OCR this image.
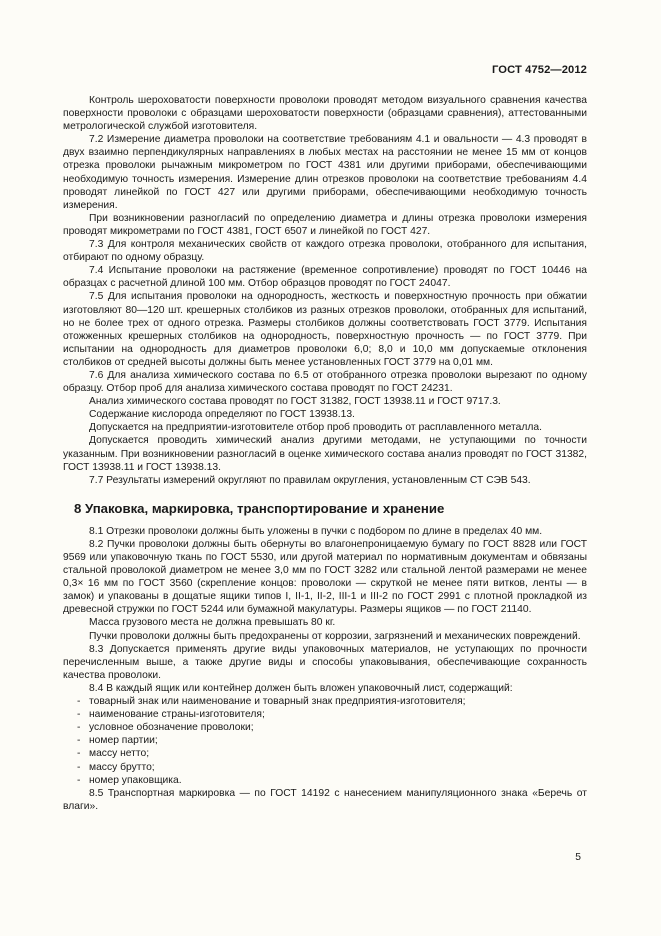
ГОСТ 4752—2012

Контроль шероховатости поверхности проволоки проводят методом визуального сравнения качества поверхности проволоки с образцами шероховатости поверхности (образцами сравнения), аттестованными метрологической службой изготовителя.

7.2 Измерение диаметра проволоки на соответствие требованиям 4.1 и овальности — 4.3 проводят в двух взаимно перпендикулярных направлениях в любых местах на расстоянии не менее 15 мм от концов отрезка проволоки рычажным микрометром по ГОСТ 4381 или другими приборами, обеспечивающими необходимую точность измерения. Измерение длин отрезков проволоки на соответствие требованиям 4.4 проводят линейкой по ГОСТ 427 или другими приборами, обеспечивающими необходимую точность измерения.

При возникновении разногласий по определению диаметра и длины отрезка проволоки измерения проводят микрометрами по ГОСТ 4381, ГОСТ 6507 и линейкой по ГОСТ 427.

7.3 Для контроля механических свойств от каждого отрезка проволоки, отобранного для испытания, отбирают по одному образцу.

7.4 Испытание проволоки на растяжение (временное сопротивление) проводят по ГОСТ 10446 на образцах с расчетной длиной 100 мм. Отбор образцов проводят по ГОСТ 24047.

7.5 Для испытания проволоки на однородность, жесткость и поверхностную прочность при обжатии изготовляют 80—120 шт. крешерных столбиков из разных отрезков проволоки, отобранных для испытаний, но не более трех от одного отрезка. Размеры столбиков должны соответствовать ГОСТ 3779. Испытания отожженных крешерных столбиков на однородность, поверхностную прочность — по ГОСТ 3779. При испытании на однородность для диаметров проволоки 6,0; 8,0 и 10,0 мм допускаемые отклонения столбиков от средней высоты должны быть менее установленных ГОСТ 3779 на 0,01 мм.

7.6 Для анализа химического состава по 6.5 от отобранного отрезка проволоки вырезают по одному образцу. Отбор проб для анализа химического состава проводят по ГОСТ 24231.

Анализ химического состава проводят по ГОСТ 31382, ГОСТ 13938.11 и ГОСТ 9717.3.

Содержание кислорода определяют по ГОСТ 13938.13.

Допускается на предприятии-изготовителе отбор проб проводить от расплавленного металла.

Допускается проводить химический анализ другими методами, не уступающими по точности указанным. При возникновении разногласий в оценке химического состава анализ проводят по ГОСТ 31382, ГОСТ 13938.11 и ГОСТ 13938.13.

7.7 Результаты измерений округляют по правилам округления, установленным СТ СЭВ 543.

8 Упаковка, маркировка, транспортирование и хранение

8.1 Отрезки проволоки должны быть уложены в пучки с подбором по длине в пределах 40 мм.

8.2 Пучки проволоки должны быть обернуты во влагонепроницаемую бумагу по ГОСТ 8828 или ГОСТ 9569 или упаковочную ткань по ГОСТ 5530, или другой материал по нормативным документам и обвязаны стальной проволокой диаметром не менее 3,0 мм по ГОСТ 3282 или стальной лентой размерами не менее 0,3× 16 мм по ГОСТ 3560 (скрепление концов: проволоки — скруткой не менее пяти витков, ленты — в замок) и упакованы в дощатые ящики типов I, II-1, II-2, III-1 и III-2 по ГОСТ 2991 с плотной прокладкой из древесной стружки по ГОСТ 5244 или бумажной макулатуры. Размеры ящиков — по ГОСТ 21140.

Масса грузового места не должна превышать 80 кг.

Пучки проволоки должны быть предохранены от коррозии, загрязнений и механических повреждений.

8.3 Допускается применять другие виды упаковочных материалов, не уступающих по прочности перечисленным выше, а также другие виды и способы упаковывания, обеспечивающие сохранность качества проволоки.

8.4 В каждый ящик или контейнер должен быть вложен упаковочный лист, содержащий:

- товарный знак или наименование и товарный знак предприятия-изготовителя;
- наименование страны-изготовителя;
- условное обозначение проволоки;
- номер партии;
- массу нетто;
- массу брутто;
- номер упаковщика.

8.5 Транспортная маркировка — по ГОСТ 14192 с нанесением манипуляционного знака «Беречь от влаги».

5
